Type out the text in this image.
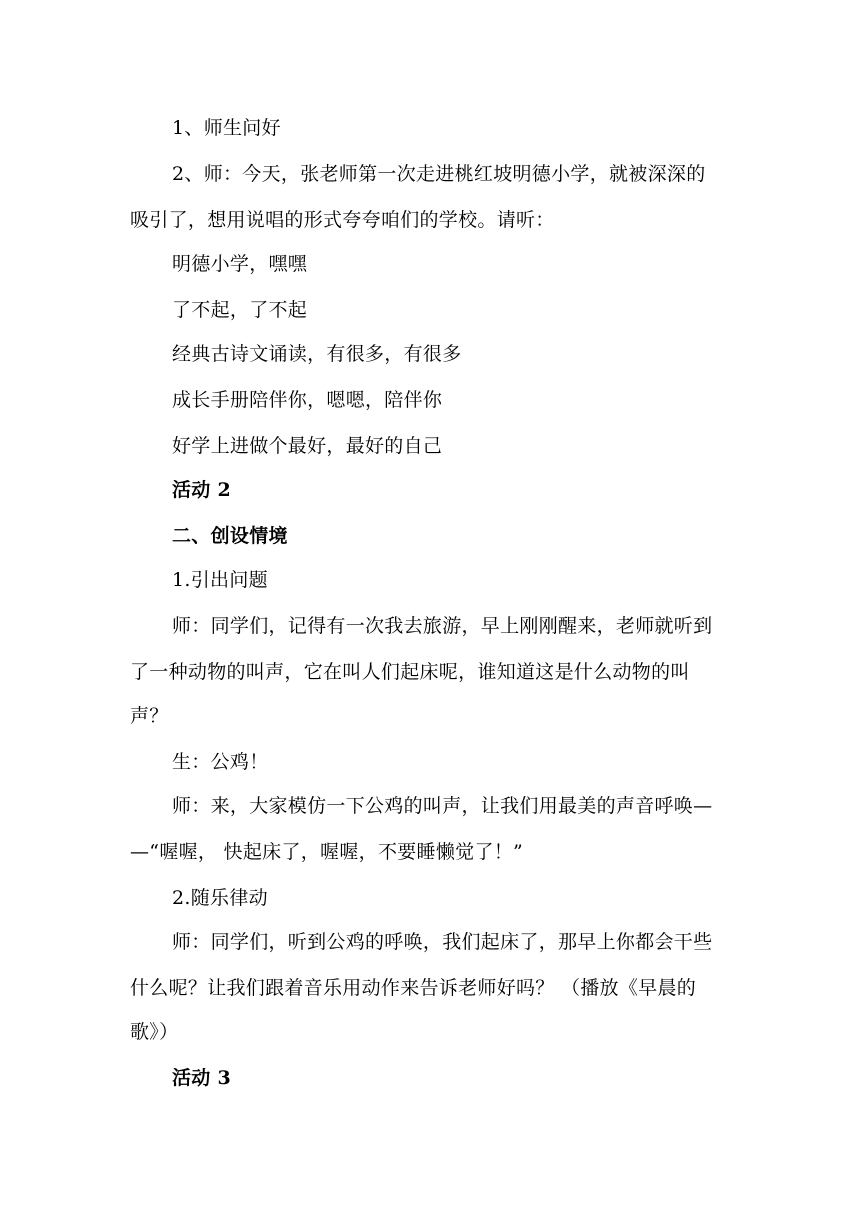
1、师生问好
2、师：今天，张老师第一次走进桃红坡明德小学，就被深深的
吸引了，想用说唱的形式夸夸咱们的学校。请听：
明德小学，嘿嘿
了不起，了不起
经典古诗文诵读，有很多，有很多
成长手册陪伴你，嗯嗯，陪伴你
好学上进做个最好，最好的自己
活动 2
二、创设情境
1.引出问题
师：同学们，记得有一次我去旅游，早上刚刚醒来，老师就听到
了一种动物的叫声，它在叫人们起床呢，谁知道这是什么动物的叫
声？
生：公鸡！
师：来，大家模仿一下公鸡的叫声，让我们用最美的声音呼唤—
—“喔喔， 快起床了，喔喔，不要睡懒觉了！”
2.随乐律动
师：同学们，听到公鸡的呼唤，我们起床了，那早上你都会干些
什么呢？让我们跟着音乐用动作来告诉老师好吗？ （播放《早晨的
歌》）
活动 3
